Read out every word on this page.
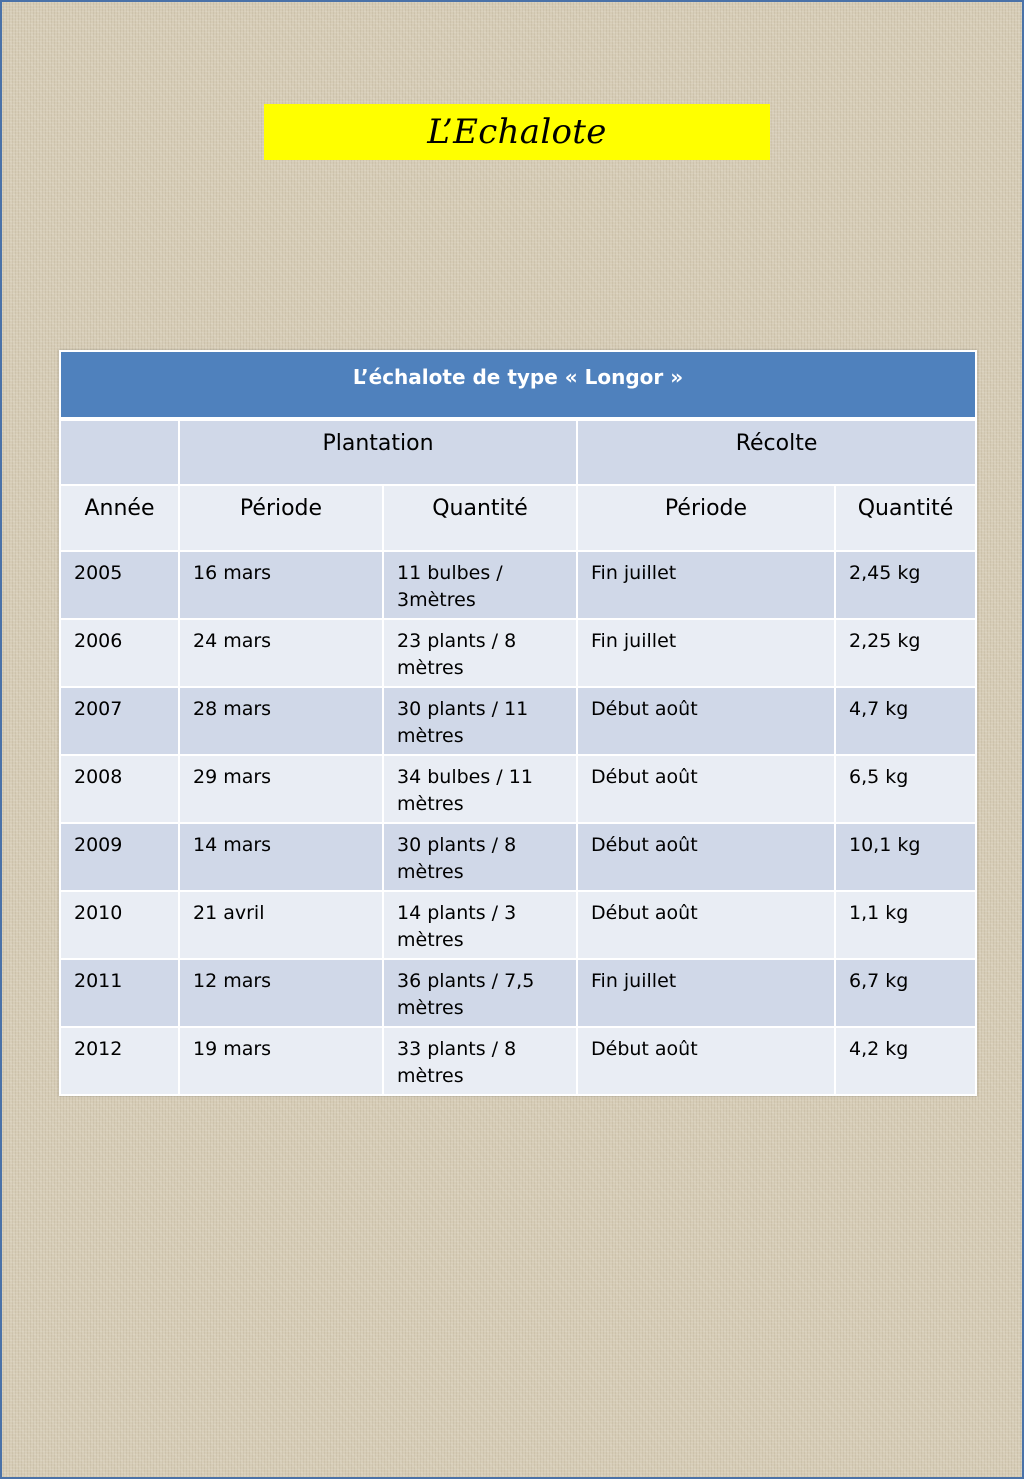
L’Echalote
L’échalote de type « Longor »				
	Plantation		Récolte	
Année	Période	Quantité	Période	Quantité
2005	16 mars	11 bulbes / 3mètres	Fin juillet	2,45 kg
2006	24 mars	23 plants / 8 mètres	Fin juillet	2,25 kg
2007	28 mars	30 plants / 11 mètres	Début août	4,7 kg
2008	29 mars	34 bulbes / 11 mètres	Début août	6,5 kg
2009	14 mars	30 plants / 8 mètres	Début août	10,1 kg
2010	21 avril	14 plants / 3 mètres	Début août	1,1 kg
2011	12 mars	36 plants / 7,5 mètres	Fin juillet	6,7 kg
2012	19 mars	33 plants / 8 mètres	Début août	4,2 kg
